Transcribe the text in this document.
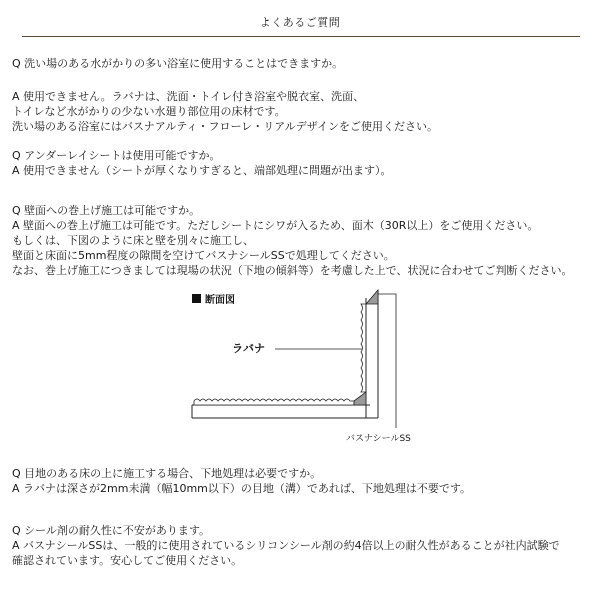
よくあるご質問

Q 洗い場のある水がかりの多い浴室に使用することはできますか。

A 使用できません。ラバナは、洗面・トイレ付き浴室や脱衣室、洗面、

トイレなど水がかりの少ない水廻り部位用の床材です。

洗い場のある浴室にはバスナアルティ・フローレ・リアルデザインをご使用ください。

Q アンダーレイシートは使用可能ですか。

A 使用できません（シートが厚くなりすぎると、端部処理に問題が出ます）。

Q 壁面への巻上げ施工は可能ですか。

A 壁面への巻上げ施工は可能です。ただしシートにシワが入るため、面木（30R以上）をご使用ください。

もしくは、下図のように床と壁を別々に施工し、

壁面と床面に5mm程度の隙間を空けてバスナシールSSで処理してください。

なお、巻上げ施工につきましては現場の状況（下地の傾斜等）を考慮した上で、状況に合わせてご判断ください。

断面図
ラバナ
バスナシールSS

Q 目地のある床の上に施工する場合、下地処理は必要ですか。

A ラバナは深さが2mm未満（幅10mm以下）の目地（溝）であれば、下地処理は不要です。

Q シール剤の耐久性に不安があります。

A バスナシールSSは、一般的に使用されているシリコンシール剤の約4倍以上の耐久性があることが社内試験で

確認されています。安心してご使用ください。
